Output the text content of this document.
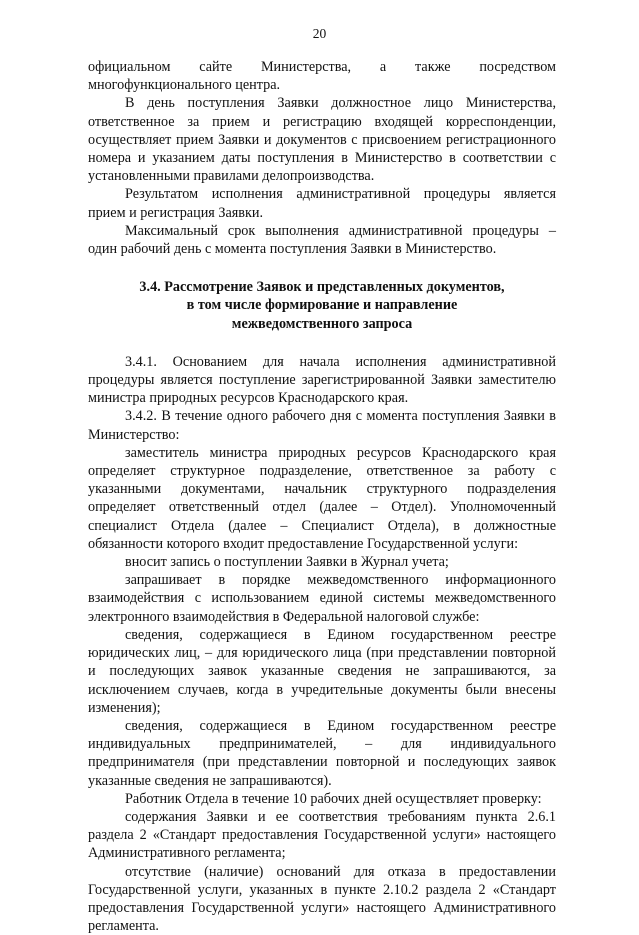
20

официальном сайте Министерства, а также посредством многофункционального центра.

В день поступления Заявки должностное лицо Министерства, ответственное за прием и регистрацию входящей корреспонденции, осуществляет прием Заявки и документов с присвоением регистрационного номера и указанием даты поступления в Министерство в соответствии с установленными правилами делопроизводства.

Результатом исполнения административной процедуры является прием и регистрация Заявки.

Максимальный срок выполнения административной процедуры – один рабочий день с момента поступления Заявки в Министерство.

3.4. Рассмотрение Заявок и представленных документов,
в том числе формирование и направление
межведомственного запроса

3.4.1. Основанием для начала исполнения административной процедуры является поступление зарегистрированной Заявки заместителю министра природных ресурсов Краснодарского края.

3.4.2. В течение одного рабочего дня с момента поступления Заявки в Министерство:

заместитель министра природных ресурсов Краснодарского края определяет структурное подразделение, ответственное за работу с указанными документами, начальник структурного подразделения определяет ответственный отдел (далее – Отдел). Уполномоченный специалист Отдела (далее – Специалист Отдела), в должностные обязанности которого входит предоставление Государственной услуги:

вносит запись о поступлении Заявки в Журнал учета;

запрашивает в порядке межведомственного информационного взаимодействия с использованием единой системы межведомственного электронного взаимодействия в Федеральной налоговой службе:

сведения, содержащиеся в Едином государственном реестре юридических лиц, – для юридического лица (при представлении повторной и последующих заявок указанные сведения не запрашиваются, за исключением случаев, когда в учредительные документы были внесены изменения);

сведения, содержащиеся в Едином государственном реестре индивидуальных предпринимателей, – для индивидуального предпринимателя (при представлении повторной и последующих заявок указанные сведения не запрашиваются).

Работник Отдела в течение 10 рабочих дней осуществляет проверку:

содержания Заявки и ее соответствия требованиям пункта 2.6.1 раздела 2 «Стандарт предоставления Государственной услуги» настоящего Административного регламента;

отсутствие (наличие) оснований для отказа в предоставлении Государственной услуги, указанных в пункте 2.10.2 раздела 2 «Стандарт предоставления Государственной услуги» настоящего Административного регламента.
